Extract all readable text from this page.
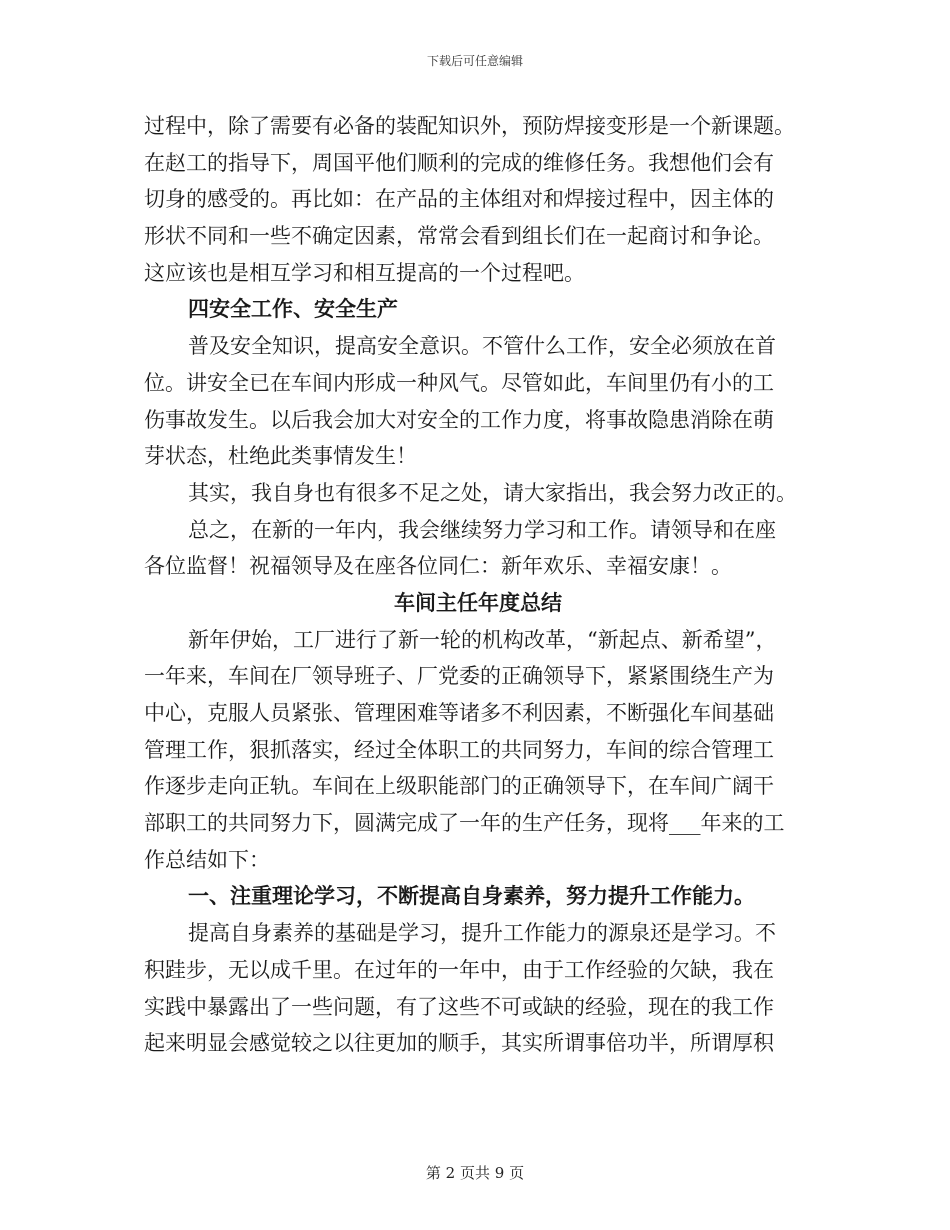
下载后可任意编辑
过程中，除了需要有必备的装配知识外，预防焊接变形是一个新课题。
在赵工的指导下，周国平他们顺利的完成的维修任务。我想他们会有
切身的感受的。再比如：在产品的主体组对和焊接过程中，因主体的
形状不同和一些不确定因素，常常会看到组长们在一起商讨和争论。
这应该也是相互学习和相互提高的一个过程吧。
四安全工作、安全生产
普及安全知识，提高安全意识。不管什么工作，安全必须放在首
位。讲安全已在车间内形成一种风气。尽管如此，车间里仍有小的工
伤事故发生。以后我会加大对安全的工作力度，将事故隐患消除在萌
芽状态，杜绝此类事情发生！
其实，我自身也有很多不足之处，请大家指出，我会努力改正的。
总之，在新的一年内，我会继续努力学习和工作。请领导和在座
各位监督！祝福领导及在座各位同仁：新年欢乐、幸福安康！。
车间主任年度总结
新年伊始，工厂进行了新一轮的机构改革，“新起点、新希望”，
一年来，车间在厂领导班子、厂党委的正确领导下，紧紧围绕生产为
中心，克服人员紧张、管理困难等诸多不利因素，不断强化车间基础
管理工作，狠抓落实，经过全体职工的共同努力，车间的综合管理工
作逐步走向正轨。车间在上级职能部门的正确领导下，在车间广阔干
部职工的共同努力下，圆满完成了一年的生产任务，现将___年来的工
作总结如下：
一、注重理论学习，不断提高自身素养，努力提升工作能力。
提高自身素养的基础是学习，提升工作能力的源泉还是学习。不
积跬步，无以成千里。在过年的一年中，由于工作经验的欠缺，我在
实践中暴露出了一些问题，有了这些不可或缺的经验，现在的我工作
起来明显会感觉较之以往更加的顺手，其实所谓事倍功半，所谓厚积
第 2 页共 9 页
